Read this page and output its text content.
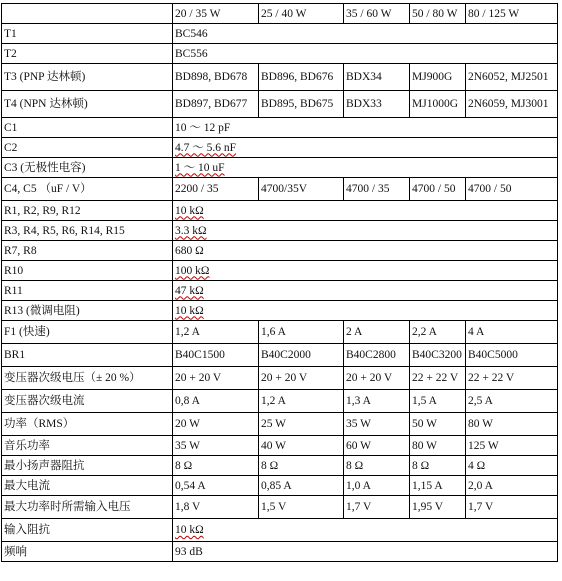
	20 / 35 W	25 / 40 W	35 / 60 W	50 / 80 W	80 / 125 W
T1	BC546				
T2	BC556				
T3 (PNP 达林顿)	BD898, BD678	BD896, BD676	BDX34	MJ900G	2N6052, MJ2501
T4 (NPN 达林顿)	BD897, BD677	BD895, BD675	BDX33	MJ1000G	2N6059, MJ3001
C1	10 ～ 12 pF				
C2	4.7 ～ 5.6 nF				
C3 (无极性电容)	1 ～ 10 uF				
C4, C5 （uF / V）	2200 / 35	4700/35V	4700 / 35	4700 / 50	4700 / 50
R1, R2, R9, R12	10 kΩ				
R3, R4, R5, R6, R14, R15	3.3 kΩ				
R7, R8	680 Ω				
R10	100 kΩ				
R11	47 kΩ				
R13 (微调电阻)	10 kΩ				
F1 (快速)	1,2 A	1,6 A	2 A	2,2 A	4 A
BR1	B40C1500	B40C2000	B40C2800	B40C3200	B40C5000
变压器次级电压（± 20 %）	20 + 20 V	20 + 20 V	20 + 20 V	22 + 22 V	22 + 22 V
变压器次级电流	0,8 A	1,2 A	1,3 A	1,5 A	2,5 A
功率（RMS）	20 W	25 W	35 W	50 W	80 W
音乐功率	35 W	40 W	60 W	80 W	125 W
最小扬声器阻抗	8 Ω	8 Ω	8 Ω	8 Ω	4 Ω
最大电流	0,54 A	0,85 A	1,0 A	1,15 A	2,0 A
最大功率时所需输入电压	1,8 V	1,5 V	1,7 V	1,95 V	1,7 V
输入阻抗	10 kΩ				
频响	93 dB				
